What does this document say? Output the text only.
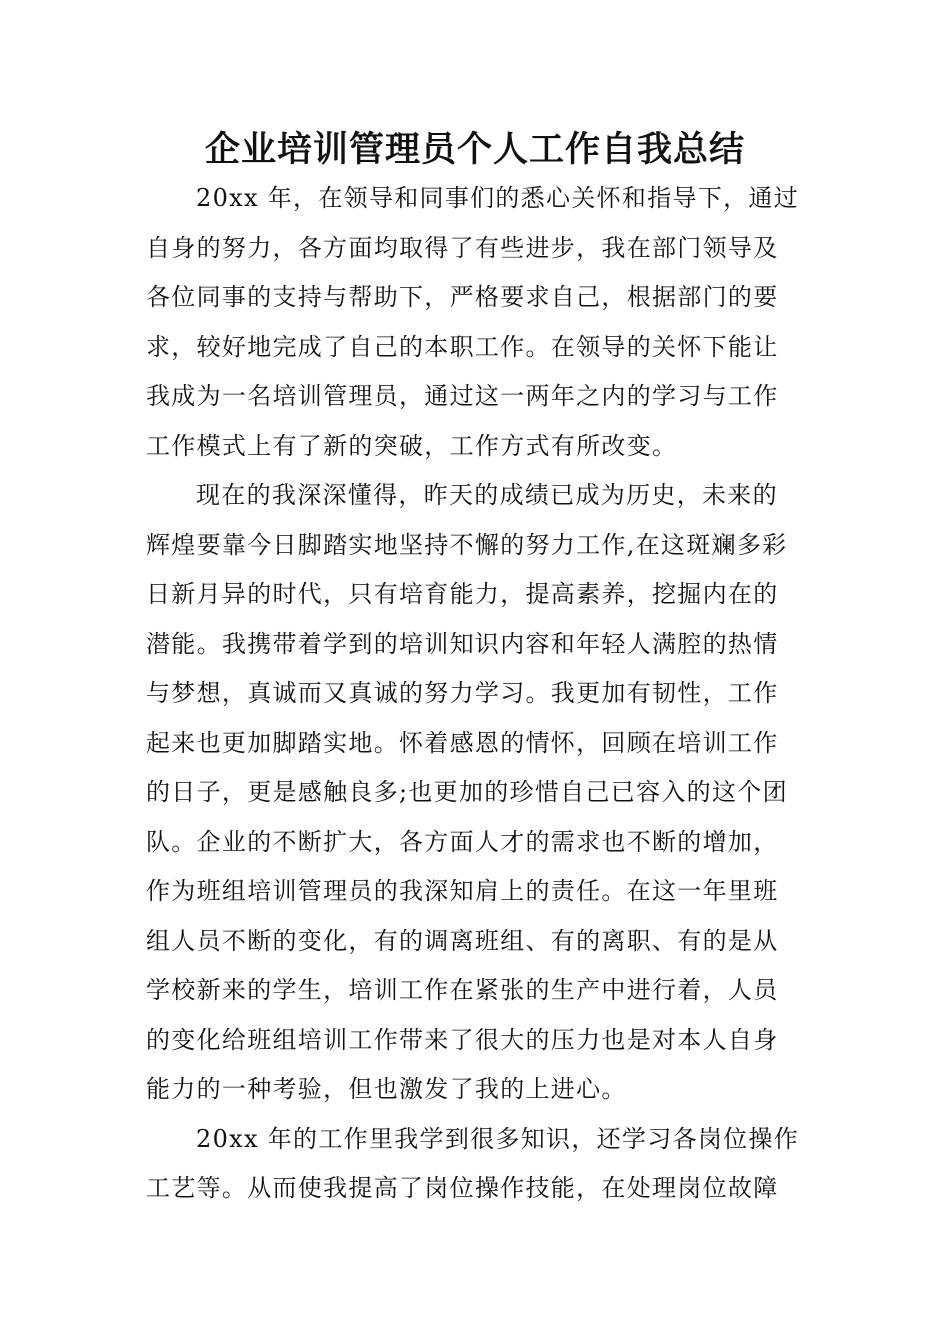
企业培训管理员个人工作自我总结
20xx 年，在领导和同事们的悉心关怀和指导下，通过
自身的努力，各方面均取得了有些进步，我在部门领导及
各位同事的支持与帮助下，严格要求自己，根据部门的要
求，较好地完成了自己的本职工作。在领导的关怀下能让
我成为一名培训管理员，通过这一两年之内的学习与工作
工作模式上有了新的突破，工作方式有所改变。
现在的我深深懂得，昨天的成绩已成为历史，未来的
辉煌要靠今日脚踏实地坚持不懈的努力工作,在这斑斓多彩
日新月异的时代，只有培育能力，提高素养，挖掘内在的
潜能。我携带着学到的培训知识内容和年轻人满腔的热情
与梦想，真诚而又真诚的努力学习。我更加有韧性，工作
起来也更加脚踏实地。怀着感恩的情怀，回顾在培训工作
的日子，更是感触良多;也更加的珍惜自己已容入的这个团
队。企业的不断扩大，各方面人才的需求也不断的增加，
作为班组培训管理员的我深知肩上的责任。在这一年里班
组人员不断的变化，有的调离班组、有的离职、有的是从
学校新来的学生，培训工作在紧张的生产中进行着，人员
的变化给班组培训工作带来了很大的压力也是对本人自身
能力的一种考验，但也激发了我的上进心。
20xx 年的工作里我学到很多知识，还学习各岗位操作
工艺等。从而使我提高了岗位操作技能，在处理岗位故障
